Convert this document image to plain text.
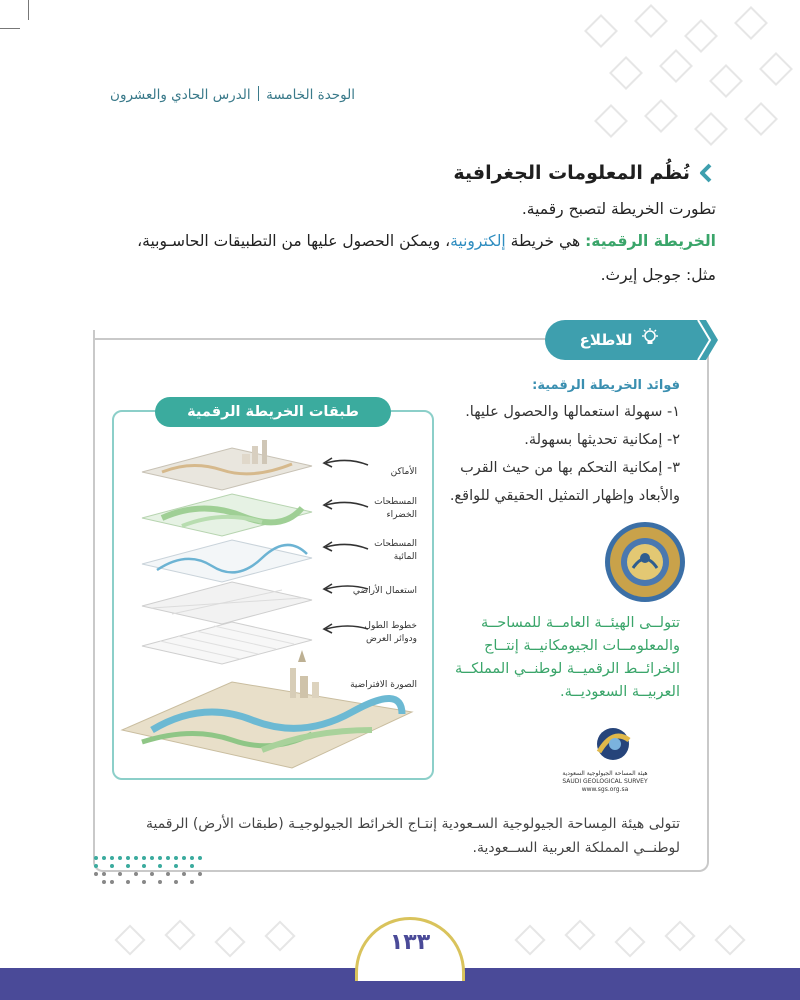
الوحدة الخامسةالدرس الحادي والعشرون
نُظُم المعلومات الجغرافية
تطورت الخريطة لتصبح رقمية.
الخريطة الرقمية: هي خريطة إلكترونية، ويمكن الحصول عليها من التطبيقات الحاسـوبية،
مثل: جوجل إيرث.
للاطلاع
طبقات الخريطة الرقمية
الأماكن
المسطحات
الخضراء
المسطحات
المائية
استعمال الأراضي
خطوط الطول
ودوائر العرض
الصورة الافتراضية
فوائد الخريطة الرقمية:
١- سهولة استعمالها والحصول عليها.
٢- إمكانية تحديثها بسهولة.
٣- إمكانية التحكم بها من حيث القرب
والأبعاد وإظهار التمثيل الحقيقي للواقع.
تتولــى الهيئــة العامــة للمساحــة
والمعلومــات الجيومكانيــة إنتــاج
الخرائــط الرقميــة لوطنــي المملكــة
العربيــة السعوديــة.
هيئة المساحة الجيولوجية السعودية
SAUDI GEOLOGICAL SURVEY
www.sgs.org.sa
تتولى هيئة المِساحة الجيولوجية السـعودية إنتـاج الخرائط الجيولوجيـة (طبقات الأرض) الرقمية لوطنــي المملكة العربية الســعودية.
١٣٣
